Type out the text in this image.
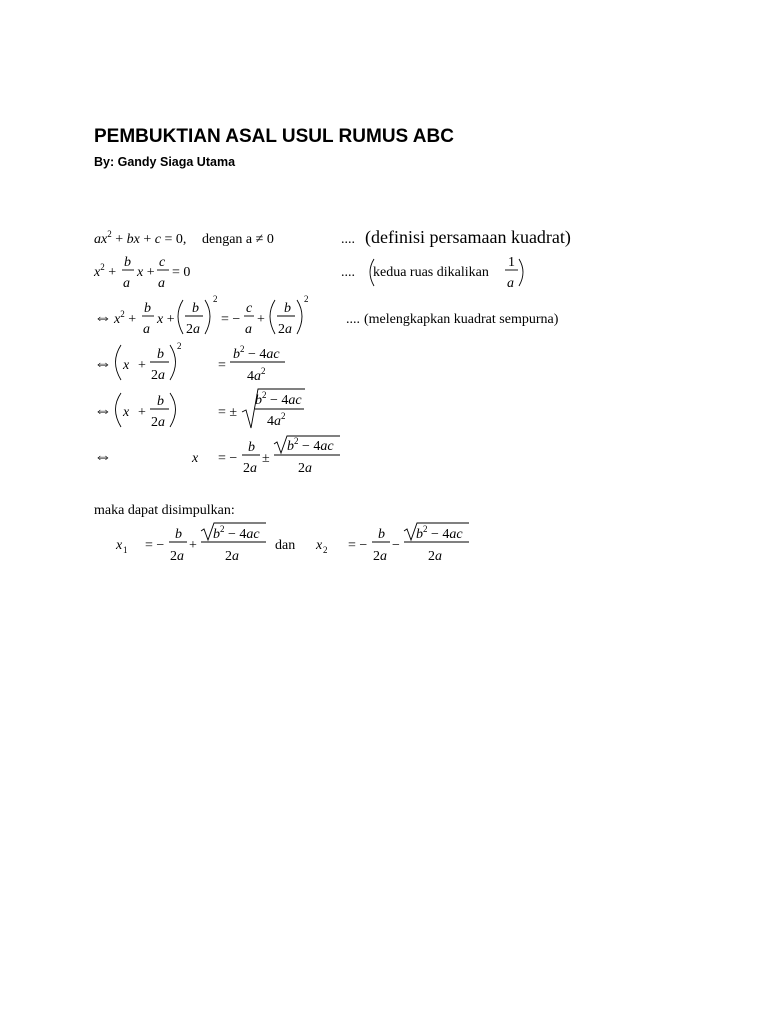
PEMBUKTIAN ASAL USUL RUMUS ABC

By: Gandy Siaga Utama

$ax^2$ + bx + c = 0, dengan a ≠ 0	.... (definisi persamaan kuadrat)
$x^2$ +
b
a
x +
c
a
= 0	.... kedua ruas dikalikan
1
a
⇔ $x^2$ +
b
a
x +
b
2a
2
= −
c
a
+
b
2a
2
.... (melengkapkan kuadrat sempurna)
⇔ x +
b
2a
2
=
$b^2 - 4ac$
$4a^2$
⇔ x +
b
2a
= ±
$b^2 - 4ac$
$4a^2$
⇔	x = −
b
2a
±
$b^2 - 4ac$
2a
maka dapat disimpulkan:
x 1 = −
b
2a
+
$b^2 - 4ac$
2a
dan x 2 = −
b
2a
−
$b^2 - 4ac$
2a
